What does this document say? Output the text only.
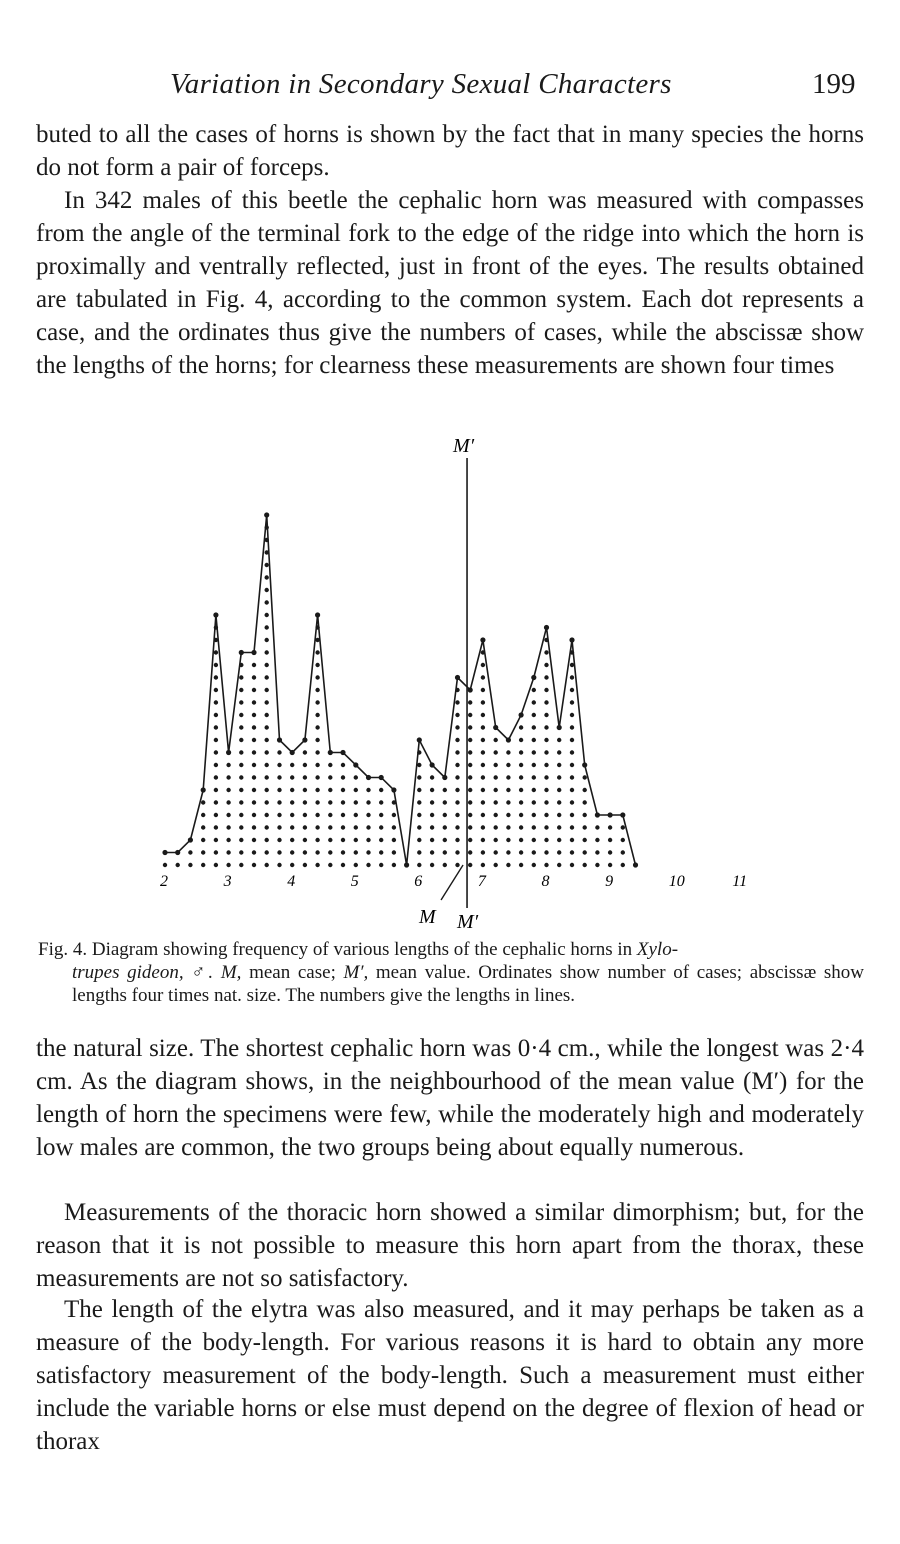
Variation in Secondary Sexual Characters	199

buted to all the cases of horns is shown by the fact that in many species the horns do not form a pair of forceps.

In 342 males of this beetle the cephalic horn was measured with compasses from the angle of the terminal fork to the edge of the ridge into which the horn is proximally and ventrally reflected, just in front of the eyes. The results obtained are tabulated in Fig. 4, according to the common system. Each dot represents a case, and the ordinates thus give the numbers of cases, while the abscissæ show the lengths of the horns; for clearness these measurements are shown four times

M′
M M′
2	3	4	5	6	7	8	9	10	11

Fig. 4. Diagram showing frequency of various lengths of the cephalic horns in Xylo-
trupes gideon, ♂. M, mean case; M′, mean value. Ordinates show number of cases; abscissæ show lengths four times nat. size. The numbers give the lengths in lines.

the natural size. The shortest cephalic horn was 0·4 cm., while the longest was 2·4 cm. As the diagram shows, in the neighbourhood of the mean value (M′) for the length of horn the specimens were few, while the moderately high and moderately low males are common, the two groups being about equally numerous.

Measurements of the thoracic horn showed a similar dimorphism; but, for the reason that it is not possible to measure this horn apart from the thorax, these measurements are not so satisfactory.

The length of the elytra was also measured, and it may perhaps be taken as a measure of the body-length. For various reasons it is hard to obtain any more satisfactory measurement of the body-length. Such a measurement must either include the variable horns or else must depend on the degree of flexion of head or thorax
